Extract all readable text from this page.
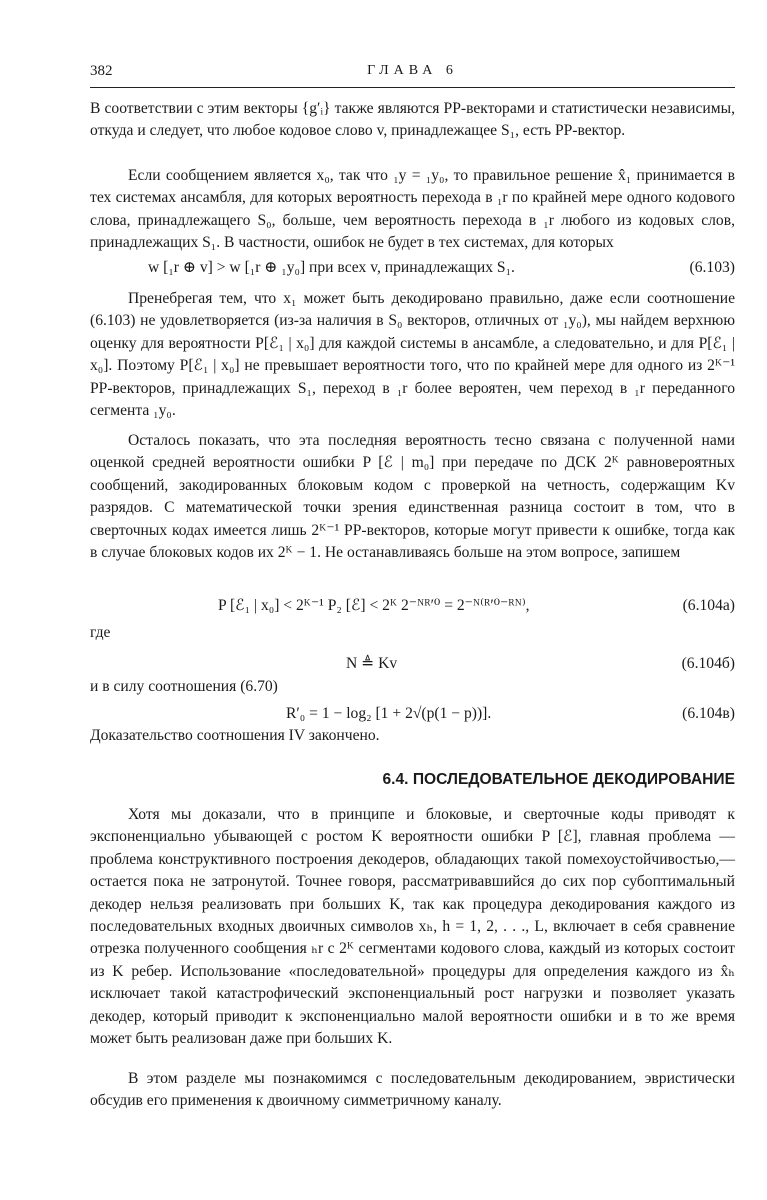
382	ГЛАВА 6

В соответствии с этим векторы {g′ᵢ} также являются РР-векторами и статистически независимы, откуда и следует, что любое кодовое слово v, принадлежащее S₁, есть РР-вектор.

Если сообщением является x₀, так что ₁y = ₁y₀, то правильное решение x̂₁ принимается в тех системах ансамбля, для которых вероятность перехода в ₁r по крайней мере одного кодового слова, принадлежащего S₀, больше, чем вероятность перехода в ₁r любого из кодовых слов, принадлежащих S₁. В частности, ошибок не будет в тех системах, для которых

w [₁r ⊕ v] > w [₁r ⊕ ₁y₀] при всех v, принадлежащих S₁.	(6.103)

Пренебрегая тем, что x₁ может быть декодировано правильно, даже если соотношение (6.103) не удовлетворяется (из-за наличия в S₀ векторов, отличных от ₁y₀), мы найдем верхнюю оценку для вероятности P[ℰ₁ | x₀] для каждой системы в ансамбле, а следовательно, и для P[ℰ₁ | x₀]. Поэтому P[ℰ₁ | x₀] не превышает вероятности того, что по крайней мере для одного из 2ᴷ⁻¹ РР-векторов, принадлежащих S₁, переход в ₁r более вероятен, чем переход в ₁r переданного сегмента ₁y₀.

Осталось показать, что эта последняя вероятность тесно связана с полученной нами оценкой средней вероятности ошибки P [ℰ | m₀] при передаче по ДСК 2ᴷ равновероятных сообщений, закодированных блоковым кодом с проверкой на четность, содержащим Kv разрядов. С математической точки зрения единственная разница состоит в том, что в сверточных кодах имеется лишь 2ᴷ⁻¹ РР-векторов, которые могут привести к ошибке, тогда как в случае блоковых кодов их 2ᴷ − 1. Не останавливаясь больше на этом вопросе, запишем

P [ℰ₁ | x₀] < 2ᴷ⁻¹ P₂ [ℰ] < 2ᴷ 2⁻ᴺᴿ′⁰ = 2⁻ᴺ⁽ᴿ′⁰⁻ᴿᴺ⁾,	(6.104а)
где
N ≜ Kv	(6.104б)
и в силу соотношения (6.70)
R′₀ = 1 − log₂ [1 + 2√(p(1 − p))].	(6.104в)
Доказательство соотношения IV закончено.
6.4. ПОСЛЕДОВАТЕЛЬНОЕ ДЕКОДИРОВАНИЕ

Хотя мы доказали, что в принципе и блоковые, и сверточные коды приводят к экспоненциально убывающей с ростом K вероятности ошибки P [ℰ], главная проблема — проблема конструктивного построения декодеров, обладающих такой помехоустойчивостью,— остается пока не затронутой. Точнее говоря, рассматривавшийся до сих пор субоптимальный декодер нельзя реализовать при больших K, так как процедура декодирования каждого из последовательных входных двоичных символов xₕ, h = 1, 2, . . ., L, включает в себя сравнение отрезка полученного сообщения ₕr с 2ᴷ сегментами кодового слова, каждый из которых состоит из K ребер. Использование «последовательной» процедуры для определения каждого из x̂ₕ исключает такой катастрофический экспоненциальный рост нагрузки и позволяет указать декодер, который приводит к экспоненциально малой вероятности ошибки и в то же время может быть реализован даже при больших K.

В этом разделе мы познакомимся с последовательным декодированием, эвристически обсудив его применения к двоичному симметричному каналу.
